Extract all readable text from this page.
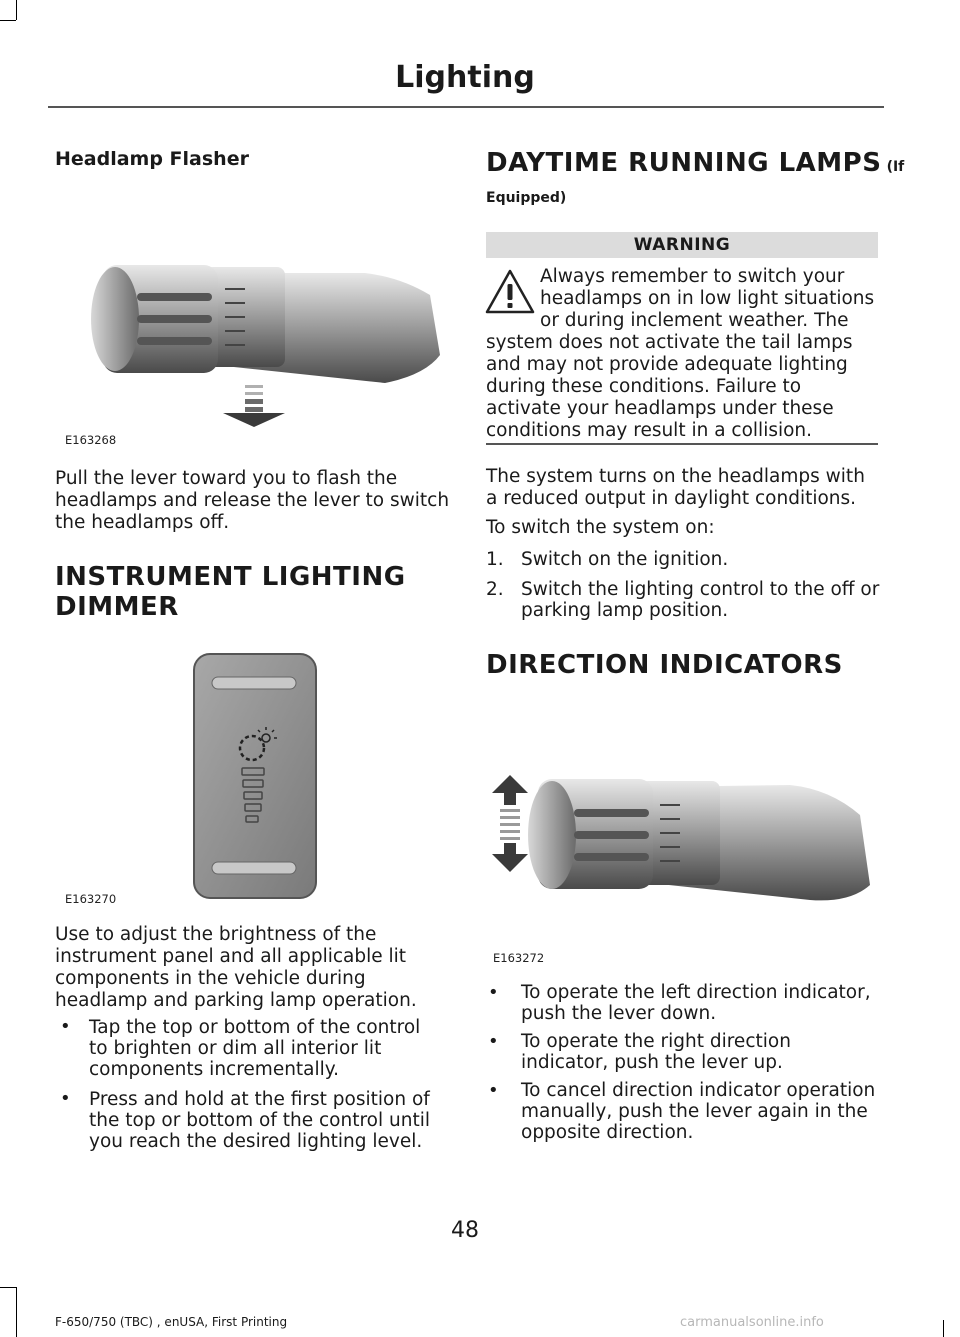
Lighting
Headlamp Flasher
E163268

Pull the lever toward you to flash the headlamps and release the lever to switch the headlamps off.

INSTRUMENT LIGHTING
DIMMER
E163270

Use to adjust the brightness of the instrument panel and all applicable lit components in the vehicle during headlamp and parking lamp operation.

• Tap the top or bottom of the control to brighten or dim all interior lit components incrementally.
• Press and hold at the first position of the top or bottom of the control until you reach the desired lighting level.
DAYTIME RUNNING LAMPS (If
Equipped)
WARNING
Always remember to switch your
headlamps on in low light situations
or during inclement weather. The

system does not activate the tail lamps and may not provide adequate lighting during these conditions. Failure to activate your headlamps under these conditions may result in a collision.

The system turns on the headlamps with a reduced output in daylight conditions.

To switch the system on:

1. Switch on the ignition.
2. Switch the lighting control to the off or parking lamp position.
DIRECTION INDICATORS
E163272
• To operate the left direction indicator, push the lever down.
• To operate the right direction indicator, push the lever up.
• To cancel direction indicator operation manually, push the lever again in the opposite direction.
48
F-650/750 (TBC) , enUSA, First Printing	carmanualsonline.info
